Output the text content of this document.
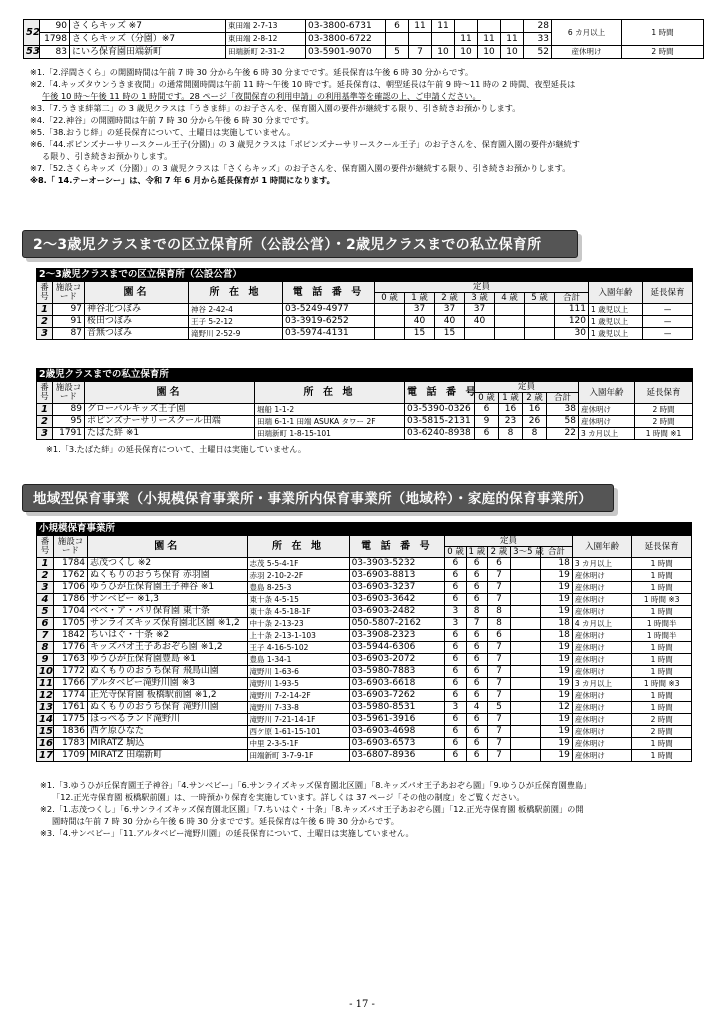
52	90	さくらキッズ ※7	東田端 2-7-13	03-3800-6731	6	11	11				28	6 カ月以上	1 時間
	1798	さくらキッズ（分園）※7	東田端 2-8-12	03-3800-6722				11	11	11	33		
53	83	にいろ保育園田端新町	田端新町 2-31-2	03-5901-9070	5	7	10	10	10	10	52	産休明け	2 時間

※1.「2.浮間さくら」の開園時間は午前 7 時 30 分から午後 6 時 30 分までです。延長保育は午後 6 時 30 分からです。

※2.「4.キッズタウンうきま夜間」の通常開園時間は午前 11 時〜午後 10 時です。延長保育は、朝型延長は午前 9 時〜11 時の 2 時間、夜型延長は

午後 10 時〜午後 11 時の 1 時間です。28 ページ「夜間保育の利用申請」の利用基準等を確認の上、ご申請ください。

※3.「7.うきま絆第二」の 3 歳児クラスは「うきま絆」のお子さんを、保育園入園の要件が継続する限り、引き続きお預かりします。

※4.「22.神谷」の開園時間は午前 7 時 30 分から午後 6 時 30 分までです。

※5.「38.おうじ絆」の延長保育について、土曜日は実施していません。

※6.「44.ポピンズナーサリースクール王子(分園)」の 3 歳児クラスは「ポピンズナーサリースクール王子」のお子さんを、保育園入園の要件が継続す

る限り、引き続きお預かりします。

※7.「52.さくらキッズ（分園）」の 3 歳児クラスは「さくらキッズ」のお子さんを、保育園入園の要件が継続する限り、引き続きお預かりします。

※8.「 14.テーオーシー」は、令和 7 年 6 月から延長保育が 1 時間になります。

2～3歳児クラスまでの区立保育所（公設公営）・2歳児クラスまでの私立保育所
2～3歳児クラスまでの区立保育所（公設公営）													
番号	施設コード	園名	所 在 地	電 話 番 号	定員							入園年齢	延長保育
					0 歳	1 歳	2 歳	3 歳	4 歳	5 歳	合計		
1	97	神谷北つぼみ	神谷 2-42-4	03-5249-4977		37	37	37			111	1 歳児以上	—
2	91	桜田つぼみ	王子 5-2-12	03-3919-6252		40	40	40			120	1 歳児以上	—
3	87	音無つぼみ	滝野川 2-52-9	03-5974-4131		15	15				30	1 歳児以上	—
2歳児クラスまでの私立保育所										
番号	施設コード	園名	所 在 地	電 話 番 号	定員				入園年齢	延長保育
					0 歳	1 歳	2 歳	合計		
1	89	グローバルキッズ王子園	堀船 1-1-2	03-5390-0326	6	16	16	38	産休明け	2 時間
2	95	ポピンズナーサリースクール田端	田端 6-1-1 田端 ASUKA タワー 2F	03-5815-2131	9	23	26	58	産休明け	2 時間
3	1791	たばた絆 ※1	田端新町 1-8-15-101	03-6240-8938	6	8	8	22	3 カ月以上	1 時間 ※1

※1.「3.たばた絆」の延長保育について、土曜日は実施していません。

地域型保育事業（小規模保育事業所・事業所内保育事業所（地域枠）・家庭的保育事業所）
小規模保育事業所											
番号	施設コード	園名	所 在 地	電 話 番 号	定員					入園年齢	延長保育
					0 歳	1 歳	2 歳	3～5 歳	合計		
1	1784	志茂つくし ※2	志茂 5-5-4-1F	03-3903-5232	6	6	6		18	3 カ月以上	1 時間
2	1762	ぬくもりのおうち保育 赤羽園	赤羽 2-10-2-2F	03-6903-8813	6	6	7		19	産休明け	1 時間
3	1706	ゆうひが丘保育園王子神谷 ※1	豊島 8-25-3	03-6903-3237	6	6	7		19	産休明け	1 時間
4	1786	サンベビー ※1,3	東十条 4-5-15	03-6903-3642	6	6	7		19	産休明け	1 時間 ※3
5	1704	ベベ・ア・パリ保育園 東十条	東十条 4-5-18-1F	03-6903-2482	3	8	8		19	産休明け	1 時間
6	1705	サンライズキッズ保育園北区園 ※1,2	中十条 2-13-23	050-5807-2162	3	7	8		18	4 カ月以上	1 時間半
7	1842	ちいはぐ・十条 ※2	上十条 2-13-1-103	03-3908-2323	6	6	6		18	産休明け	1 時間半
8	1776	キッズパオ王子あおぞら園 ※1,2	王子 4-16-5-102	03-5944-6306	6	6	7		19	産休明け	1 時間
9	1763	ゆうひが丘保育園豊島 ※1	豊島 1-34-1	03-6903-2072	6	6	7		19	産休明け	1 時間
10	1772	ぬくもりのおうち保育 飛鳥山園	滝野川 1-63-6	03-5980-7883	6	6	7		19	産休明け	1 時間
11	1766	アルタベビー滝野川園 ※3	滝野川 1-93-5	03-6903-6618	6	6	7		19	3 カ月以上	1 時間 ※3
12	1774	正光寺保育園 板橋駅前園 ※1,2	滝野川 7-2-14-2F	03-6903-7262	6	6	7		19	産休明け	1 時間
13	1761	ぬくもりのおうち保育 滝野川園	滝野川 7-33-8	03-5980-8531	3	4	5		12	産休明け	1 時間
14	1775	ほっぺるランド滝野川	滝野川 7-21-14-1F	03-5961-3916	6	6	7		19	産休明け	2 時間
15	1836	西ケ原ひなた	西ケ原 1-61-15-101	03-6903-4698	6	6	7		19	産休明け	2 時間
16	1783	MIRATZ 駒込	中里 2-3-5-1F	03-6903-6573	6	6	7		19	産休明け	1 時間
17	1709	MIRATZ 田端新町	田端新町 3-7-9-1F	03-6807-8936	6	6	7		19	産休明け	1 時間

※1.「3.ゆうひが丘保育園王子神谷」「4.サンベビー」「6.サンライズキッズ保育園北区園」「8.キッズパオ王子あおぞら園」「9.ゆうひが丘保育園豊島」

「12.正光寺保育園 板橋駅前園」は、一時預かり保育を実施しています。詳しくは 37 ページ「その他の制度」をご覧ください。

※2.「1.志茂つくし」「6.サンライズキッズ保育園北区園」「7.ちいはぐ・十条」「8.キッズパオ王子あおぞら園」「12.正光寺保育園 板橋駅前園」の開

園時間は午前 7 時 30 分から午後 6 時 30 分までです。延長保育は午後 6 時 30 分からです。

※3.「4.サンベビー」「11.アルタベビー滝野川園」の延長保育について、土曜日は実施していません。

- 17 -
